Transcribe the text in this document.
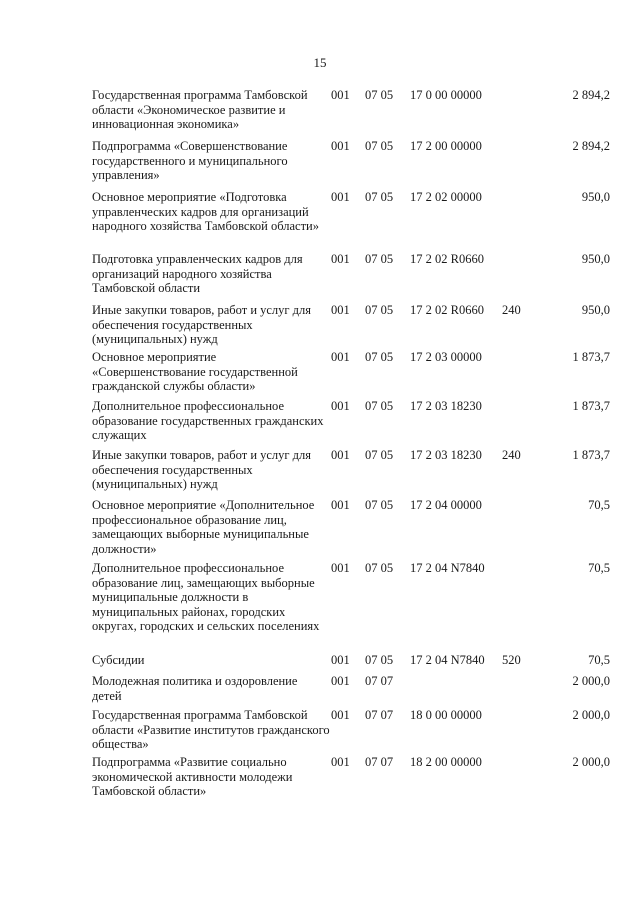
15
Государственная программа Тамбовской области «Экономическое развитие и инновационная экономика»
001 07 05 17 0 00 00000	2 894,2
Подпрограмма «Совершенствование государственного и муниципального управления»
001 07 05 17 2 00 00000	2 894,2
Основное мероприятие «Подготовка управленческих кадров для организаций народного хозяйства Тамбовской области»
001 07 05 17 2 02 00000	950,0
Подготовка управленческих кадров для организаций народного хозяйства Тамбовской области
001 07 05 17 2 02 R0660	950,0
Иные закупки товаров, работ и услуг для обеспечения государственных (муниципальных) нужд
001 07 05 17 2 02 R0660 240	950,0
Основное мероприятие «Совершенствование государственной гражданской службы области»
001 07 05 17 2 03 00000	1 873,7
Дополнительное профессиональное образование государственных гражданских служащих
001 07 05 17 2 03 18230	1 873,7
Иные закупки товаров, работ и услуг для обеспечения государственных (муниципальных) нужд
001 07 05 17 2 03 18230 240	1 873,7
Основное мероприятие «Дополнительное профессиональное образование лиц, замещающих выборные муниципальные должности»
001 07 05 17 2 04 00000	70,5
Дополнительное профессиональное образование лиц, замещающих выборные муниципальные должности в муниципальных районах, городских округах, городских и сельских поселениях
001 07 05 17 2 04 N7840	70,5
Субсидии	001 07 05 17 2 04 N7840 520	70,5
Молодежная политика и оздоровление детей
001 07 07	2 000,0
Государственная программа Тамбовской области «Развитие институтов гражданского общества»
001 07 07 18 0 00 00000	2 000,0
Подпрограмма «Развитие социально экономической активности молодежи Тамбовской области»
001 07 07 18 2 00 00000	2 000,0
